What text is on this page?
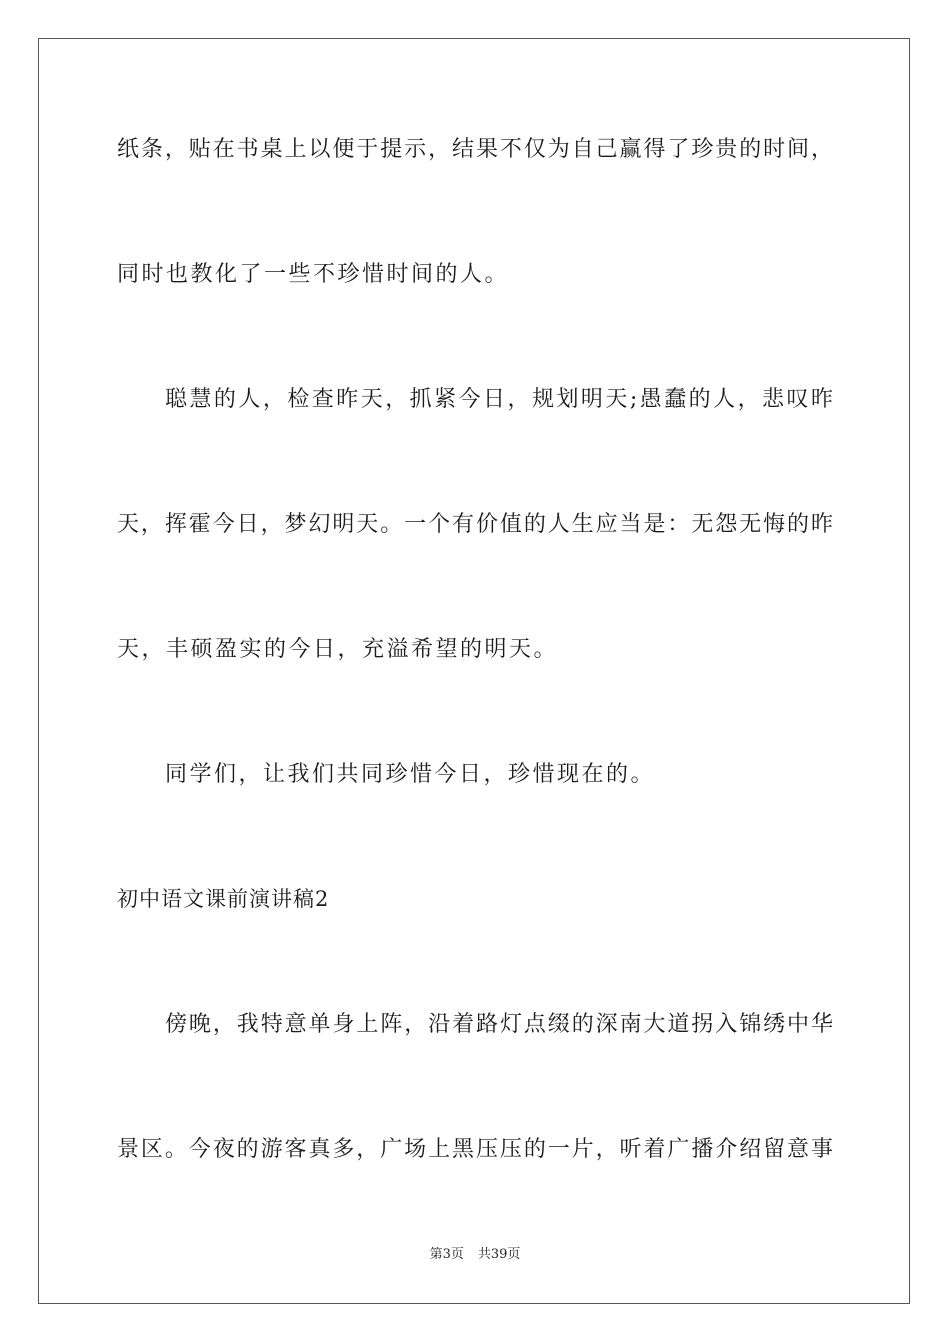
纸条，贴在书桌上以便于提示，结果不仅为自己赢得了珍贵的时间，
同时也教化了一些不珍惜时间的人。
聪慧的人，检查昨天，抓紧今日，规划明天;愚蠢的人，悲叹昨
天，挥霍今日，梦幻明天。一个有价值的人生应当是：无怨无悔的昨
天，丰硕盈实的今日，充溢希望的明天。
同学们，让我们共同珍惜今日，珍惜现在的。
初中语文课前演讲稿2
傍晚，我特意单身上阵，沿着路灯点缀的深南大道拐入锦绣中华
景区。今夜的游客真多，广场上黑压压的一片，听着广播介绍留意事
第3页 共39页
